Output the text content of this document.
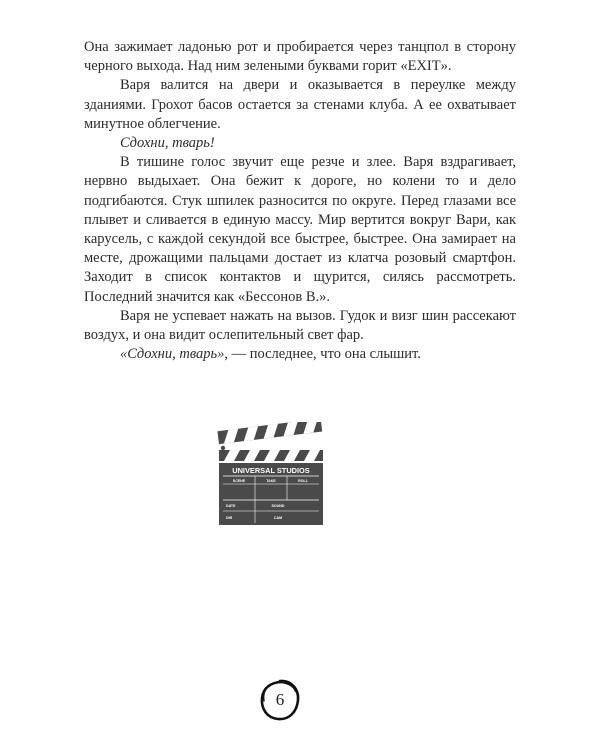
Она зажимает ладонью рот и пробирается через танцпол в сторону черного выхода. Над ним зелеными буквами горит «EXIT».

Варя валится на двери и оказывается в переулке между зданиями. Грохот басов остается за стенами клуба. А ее охватывает минутное облегчение.

Сдохни, тварь!

В тишине голос звучит еще резче и злее. Варя вздрагивает, нервно выдыхает. Она бежит к дороге, но колени то и дело подгибаются. Стук шпилек разносится по округе. Перед глазами все плывет и сливается в единую массу. Мир вертится вокруг Вари, как карусель, с каждой секундой все быстрее, быстрее. Она замирает на месте, дрожащими пальцами достает из клатча розовый смартфон. Заходит в список контактов и щурится, силясь рассмотреть. Последний значится как «Бессонов В.».

Варя не успевает нажать на вызов. Гудок и визг шин рассекают воздух, и она видит ослепительный свет фар.

«Сдохни, тварь», — последнее, что она слышит.

UNIVERSAL STUDIOS
SCENE	TAKE	ROLL
DATE	SOUND
DIR	CAM
6
